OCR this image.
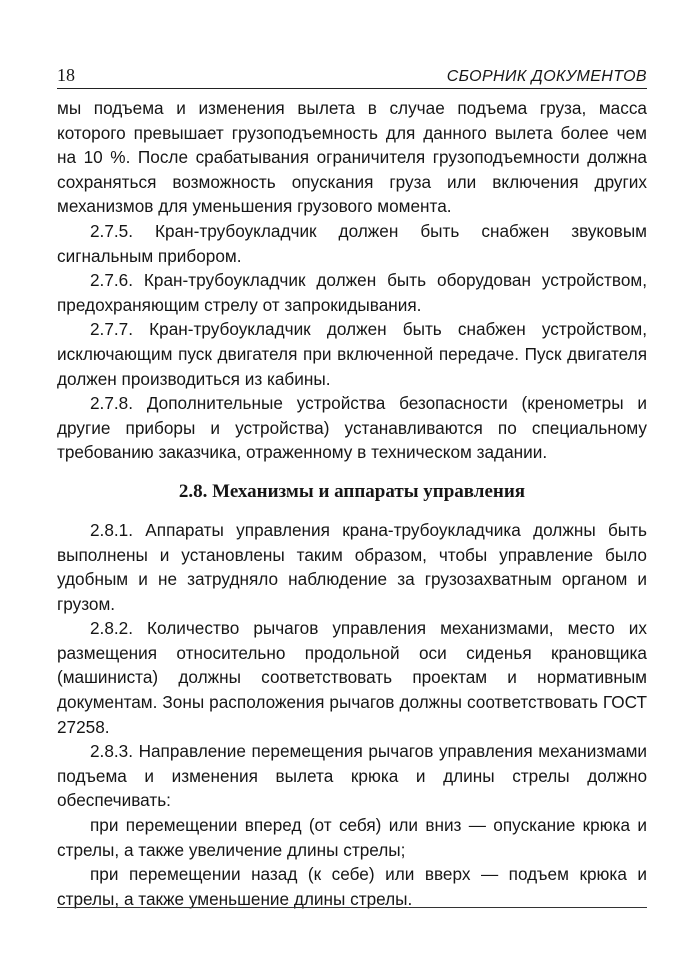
18	СБОРНИК ДОКУМЕНТОВ

мы подъема и изменения вылета в случае подъема груза, масса которого превышает грузоподъемность для данного вылета более чем на 10 %. После срабатывания ограничителя грузоподъемности должна сохраняться возможность опускания груза или включения других механизмов для уменьшения грузового момента.

2.7.5. Кран-трубоукладчик должен быть снабжен звуковым сигнальным прибором.

2.7.6. Кран-трубоукладчик должен быть оборудован устройством, предохраняющим стрелу от запрокидывания.

2.7.7. Кран-трубоукладчик должен быть снабжен устройством, исключающим пуск двигателя при включенной передаче. Пуск двигателя должен производиться из кабины.

2.7.8. Дополнительные устройства безопасности (кренометры и другие приборы и устройства) устанавливаются по специальному требованию заказчика, отраженному в техническом задании.

2.8. Механизмы и аппараты управления

2.8.1. Аппараты управления крана-трубоукладчика должны быть выполнены и установлены таким образом, чтобы управление было удобным и не затрудняло наблюдение за грузозахватным органом и грузом.

2.8.2. Количество рычагов управления механизмами, место их размещения относительно продольной оси сиденья крановщика (машиниста) должны соответствовать проектам и нормативным документам. Зоны расположения рычагов должны соответствовать ГОСТ 27258.

2.8.3. Направление перемещения рычагов управления механизмами подъема и изменения вылета крюка и длины стрелы должно обеспечивать:

при перемещении вперед (от себя) или вниз — опускание крюка и стрелы, а также увеличение длины стрелы;

при перемещении назад (к себе) или вверх — подъем крюка и стрелы, а также уменьшение длины стрелы.
